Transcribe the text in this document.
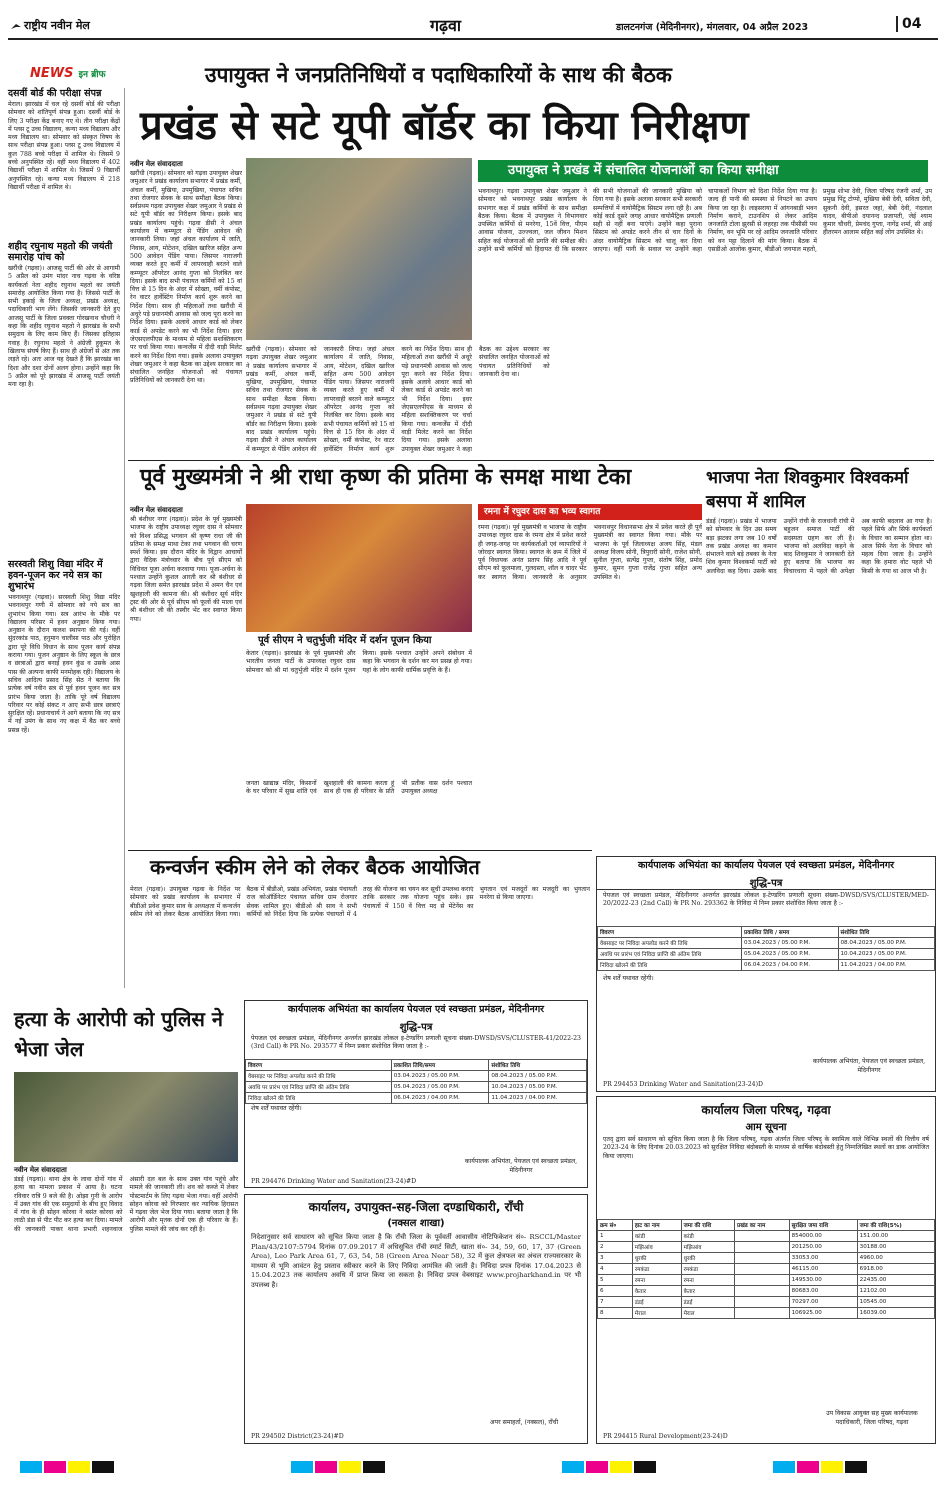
राष्ट्रीय नवीन मेल	गढ़वा	डालटनगंज (मेदिनीनगर), मंगलवार, 04 अप्रैल 2023	04
NEWS इन ब्रीफ
दसवीं बोर्ड की परीक्षा संपन्न
मेराल। झारखंड में चल रहे दसवीं बोर्ड की परीक्षा सोमवार को शांतिपूर्ण संपन्न हुआ। दसवीं बोर्ड के लिए 3 परीक्षा केंद्र बनाए गए थे। तीन परीक्षा केंद्रों में प्लस टू उच्च विद्यालय, कन्या मध्य विद्यालय और मध्य विद्यालय था। सोमवार को संस्कृत विषय के साथ परीक्षा संपन्न हुआ। प्लस टू उच्च विद्यालय में कुल 788 बच्चे परीक्षा में शामिल थे। जिसमें 9 बच्चे अनुपस्थित रहे। वहीं मध्य विद्यालय में 402 विद्यार्थी परीक्षा में शामिल थे। जिसमें 9 विद्यार्थी अनुपस्थित रहे। कन्या मध्य विद्यालय में 218 विद्यार्थी परीक्षा में शामिल थे।
शहीद रघुनाथ महतो की जयंती समारोह पांच को
खरौंधी (गढ़वा)। आजसू पार्टी की ओर से आगामी 5 अप्रैल को उमंग मांदर नाच गढ़वा के वरिष्ठ कार्यकर्ता नेता शहीद रघुनाथ महतो का जयंती समारोह आयोजित किया गया है। जिससे पार्टी के सभी इकाई के जिला अध्यक्ष, प्रखंड अध्यक्ष, पदाधिकारी भाग लेंगे। जिसकी जानकारी देते हुए आजसू पार्टी के जिला प्रवक्ता गोरखनाथ चौधरी ने कहा कि शहीद रघुनाथ महतो ने झारखंड के सभी समुदाय के लिए काम किए हैं। जिसका इतिहास गवाह है। रघुनाथ महतो ने अंग्रेजी हुकूमत के खिलाफ संघर्ष किए हैं। साथ ही अंग्रेजों से अंत तक लड़ते रहे। अतः आज यह देखते हैं कि झारखंड का दिशा और दशा दोनों अलग होगा। उन्होंने कहा कि 5 अप्रैल को पूरे झारखंड में आजसू पार्टी जयंती मना रहा है।
सरस्वती शिशु विद्या मंदिर में हवन-पूजन कर नये सत्र का शुभारंभ
भवनाथपुर (गढ़वा)। सरस्वती शिशु विद्या मंदिर भवनाथपुर गणी में सोमवार को नये सत्र का शुभारंभ किया गया। सत्र आरंभ के मौके पर विद्यालय परिसर में हवन अनुष्ठान किया गया। अनुष्ठान के दौरान कलश स्थापना की गई। वहीं सुंदरकांड पाठ, हनुमान चालीसा पाठ और पुरोहित द्वारा पूरे विधि विधान के साथ पूजन कार्य संपन्न कराया गया। पूजन अनुष्ठान के लिए स्कूल के छात्र व छात्राओं द्वारा बनाई हवन कुंड व उसके आस पास की अल्पना काफी मनमोहक रही। विद्यालय के सचिव आदित्य प्रसाद सिंह सेठ ने बताया कि प्रत्येक वर्ष नवीन सत्र से पूर्व हवन पूजन कर सत्र प्रारंभ किया जाता है। ताकि पूरे वर्ष विद्यालय परिवार पर कोई संकट न आए सभी छात्र छात्राएं सुरक्षित रहें। प्रधानाचार्य ने आगे बताया कि नए सत्र में नई उमंग के साथ नए कक्ष में बैठ कर बच्चे प्रसन्न रहें।
उपायुक्त ने जनप्रतिनिधियों व पदाधिकारियों के साथ की बैठक
प्रखंड से सटे यूपी बॉर्डर का किया निरीक्षण
उपायुक्त ने प्रखंड में संचालित योजनाओं का किया समीक्षा
नवीन मेल संवाददाता
खरौंधी (गढ़वा)। सोमवार को गढ़वा उपायुक्त शेखर जमुआर ने प्रखंड कार्यालय सभागार में प्रखंड कर्मी, अंचल कर्मी, मुखिया, उपमुखिया, पंचायत सचिव तथा रोजगार सेवक के साथ समीक्षा बैठक किया। सर्वप्रथम गढ़वा उपायुक्त शेखर जमुआर ने प्रखंड से सटे यूपी बॉर्डर का निरीक्षण किया। इसके बाद प्रखंड कार्यालय पहुंचे। गढ़वा डीसी ने अंचल कार्यालय में कम्प्यूटर से पेंडिंग आवेदन की जानकारी लिया। जहां अंचल कार्यालय में जाति, निवास, आय, मोटेशन, दखिल खारिज सहित अन्य 500 आवेदन पेंडिंग पाया। जिसपर नाराजगी व्यक्त करते हुए कर्मी में लापरवाही बरतने वाले कम्प्यूटर ऑपरेटर आनंद गुप्ता को निलंबित कर दिया। इसके बाद सभी पंचायत कर्मियों को 15 वां वित्त से 15 दिन के अंदर में सोख्ता, वर्मी कंपोस्ट, रेन वाटर हार्वेस्टिंग निर्माण कार्य शुरू करने का निर्देश दिया। साथ ही महिलाओं तथा खरौंधी में अधूरे पड़े प्रधानमंत्री आवास को जल्द पूरा करने का निर्देश दिया। इसके अलावे आधार कार्ड को लेकर कार्ड से अपडेट करने का भी निर्देश दिया। इधर जेएसएलपीएस के माध्यम से महिला सशक्तिकरण पर चर्चा किया गया। कन्वर्जेंस में दीदी वाड़ी मिलेट करने का निर्देश दिया गया। इसके अलावा उपायुक्त शेखर जमुआर ने कहा बैठक का उद्देश्य सरकार का संचालित जनहित योजनाओं को पंचायत प्रतिनिधियों को जानकारी देना था।
खरौंधी (गढ़वा)। सोमवार को गढ़वा उपायुक्त शेखर जमुआर ने प्रखंड कार्यालय सभागार में प्रखंड कर्मी, अंचल कर्मी, मुखिया, उपमुखिया, पंचायत सचिव तथा रोजगार सेवक के साथ समीक्षा बैठक किया। सर्वप्रथम गढ़वा उपायुक्त शेखर जमुआर ने प्रखंड से सटे यूपी बॉर्डर का निरीक्षण किया। इसके बाद प्रखंड कार्यालय पहुंचे। गढ़वा डीसी ने अंचल कार्यालय में कम्प्यूटर से पेंडिंग आवेदन की जानकारी लिया। जहां अंचल कार्यालय में जाति, निवास, आय, मोटेशन, दखिल खारिज सहित अन्य 500 आवेदन पेंडिंग पाया। जिसपर नाराजगी व्यक्त करते हुए कर्मी में लापरवाही बरतने वाले कम्प्यूटर ऑपरेटर आनंद गुप्ता को निलंबित कर दिया। इसके बाद सभी पंचायत कर्मियों को 15 वां वित्त से 15 दिन के अंदर में सोख्ता, वर्मी कंपोस्ट, रेन वाटर हार्वेस्टिंग निर्माण कार्य शुरू करने का निर्देश दिया। साथ ही महिलाओं तथा खरौंधी में अधूरे पड़े प्रधानमंत्री आवास को जल्द पूरा करने का निर्देश दिया। इसके अलावे आधार कार्ड को लेकर कार्ड से अपडेट करने का भी निर्देश दिया। इधर जेएसएलपीएस के माध्यम से महिला सशक्तिकरण पर चर्चा किया गया। कन्वर्जेंस में दीदी वाड़ी मिलेट करने का निर्देश दिया गया। इसके अलावा उपायुक्त शेखर जमुआर ने कहा बैठक का उद्देश्य सरकार का संचालित जनहित योजनाओं को पंचायत प्रतिनिधियों को जानकारी देना था।
भवनाथपुर। गढ़वा उपायुक्त शेखर जमुआर ने सोमवार को भवनाथपुर प्रखंड कार्यालय के सभागार कक्ष में प्रखंड कर्मियों के साथ समीक्षा बैठक किया। बैठक में उपायुक्त ने विभागवार उपस्थित कर्मियों से मनरेगा, 15वें वित्त, पीएम आवास योजना, उज्ज्वला, जल जीवन मिशन सहित कई योजनाओं की प्रगति की समीक्षा की। उन्होंने सभी कर्मियों को हिदायत दी कि सरकार की सभी योजनाओं की जानकारी मुखिया को दिया गया है। इसके अलावा सरकार सभी सरकारी सम्पत्तियों में वायोमैट्रिक सिस्टम लगा रही है। अब कोई कार्ड दूसरे जगह आधार वायोमैट्रिक प्रणाली सही से नहीं बना पाएंगे। उन्होंने कहा पुराना सिस्टम को अपडेट करने तीन से चार दिनों के अंदर वायोमैट्रिक सिस्टम को चालू कर दिया जाएगा। वहीं पानी के सवाल पर उन्होंने कहा चापाकलों विभाग को दिशा निर्देश दिया गया है। जल्द ही पानी की समस्या से निपटने का उपाय किया जा रहा है। लाइसराया में आंगनबाड़ी भवन निर्माण कराने, टाउनशिप से लेकर आदिम जनजाति टोला झुरसी से लहरहा तक पीसीसी पथ निर्माण, वन भूमि पर रहे आदिम जनजाति परिवार को वन पट्टा दिलाने की मांग किया। बैठक में एसडीओ आलोक कुमार, बीडीओ जयपाल महतो, प्रमुख शोभा देवी, जिला परिषद रंजनी शर्मा, उप प्रमुख पिंटू टोप्पो, मुखिया बेबी देवी, सविता देवी, सुकनी देवी, इसरत जहां, बेबी देवी, नंदलाल यादव, बीपीओ दयानन्द प्रजापती, जेई श्याम कुमार चौधरी, प्रेमचंद गुप्ता, नागेंद्र शर्मा, सी आई हीतरमन आलाम सहित कई लोग उपस्थित थे।
पूर्व मुख्यमंत्री ने श्री राधा कृष्ण की प्रतिमा के समक्ष माथा टेका
नवीन मेल संवाददाता
श्री बंशीधर नगर (गढ़वा)। प्रदेश के पूर्व मुख्यमंत्री भाजपा के राष्ट्रीय उपाध्यक्ष रघुवर दास ने सोमवार को विश्व प्रसिद्ध भगवान श्री कृष्ण राधा जी की प्रतिमा के समक्ष माथा टेका तथा भगवान की चरण स्पर्श किया। इस दौरान मंदिर के विद्वान आचार्यों द्वारा वैदिक मंत्रोच्चार के बीच पूर्व सीएम को विधिवत पूजा अर्चना करवाया गया। पूजा-अर्चना के पश्चात उन्होंने कुशल आरती कर श्री बंशीधर से गढ़वा जिला समेत झारखंड प्रदेश में अमन चैन एवं खुशहाली की कामना की। श्री बंशीधर सूर्य मंदिर ट्रस्ट की ओर से पूर्व सीएम को फूलों की माला एवं श्री बंशीधर जी की तस्वीर भेंट कर स्वागत किया गया।
पूर्व सीएम ने चतुर्भुजी मंदिर में दर्शन पूजन किया
केतार (गढ़वा)। झारखंड के पूर्व मुख्यमंत्री और भारतीय जनता पार्टी के उपाध्यक्ष रघुवर दास सोमवार को श्री मां चतुर्भुजी मंदिर में दर्शन पूजन किया। इसके पश्चात उन्होंने अपने संबोधन में कहा कि भगवान के दर्शन कर मन प्रसन्न हो गया। यहां के लोग काफी धार्मिक प्रवृत्ति के हैं।
जनता खाद्यान्न मंदिर, किसानों के घर परिवार में सुख शांति एवं खुशहाली की कामना करता हूं साथ ही एक ही परिवार के प्रति भी प्रतीक वास दर्शन पश्चात उपायुक्त अध्यक्ष
रमना में रघुवर दास का भव्य स्वागत
रमना (गढ़वा)। पूर्व मुख्यमंत्री व भाजपा के राष्ट्रीय उपाध्यक्ष रघुवर दास के रमना क्षेत्र में प्रवेश करते ही जगह-जगह पर कार्यकर्ताओं एवं व्यापारियों ने जोरदार स्वागत किया। स्वागत के क्रम में जिले में पूर्व विधायक अनंत प्रताप सिंह आदि ने पूर्व सीएम को फूलमाला, गुलदस्ता, शॉल व चादर भेंट कर स्वागत किया। जानकारी के अनुसार भवनाथपुर विधानसभा क्षेत्र में प्रवेश करते ही पूर्व मुख्यमंत्री का स्वागत किया गया। मौके पर भाजपा के पूर्व जिलाध्यक्ष अजय सिंह, मंडल अध्यक्ष विजय सोनी, त्रिपुरारी सोनी, राजेश सोनी, सुनील गुप्ता, सत्येंद्र गुप्ता, संतोष सिंह, प्रमोद कुमार, सुमन गुप्ता राजेंद्र गुप्ता सहित अन्य उपस्थित थे।
भाजपा नेता शिवकुमार विश्वकर्मा बसपा में शामिल
डंडई (गढ़वा)। प्रखंड में भाजपा को सोमवार के दिन उस समय बड़ा झटका लगा जब 10 वर्षों तक प्रखंड अध्यक्ष का कमान संभालने वाले बड़े तबका के नेता शिव कुमार विश्वकर्मा पार्टी को अलविदा कह दिया। उसके बाद उन्होंने रांची के राजधानी रांची में बहुजन समाज पार्टी की सदस्यता ग्रहण कर ली है। भाजपा को अलविदा कहने के बाद शिवकुमार ने जानकारी देते हुए बताया कि भाजपा का विचारधारा में पहले की अपेक्षा अब काफी बदलाव आ गया है। पहले सिर्फ और सिर्फ कार्यकर्ता के विचार का सम्मान होता था। आज सिर्फ नेता के विचार को महत्व दिया जाता है। उन्होंने कहा कि हमारा वोट पहले भी किसी के गया था आज भी है।
कन्वर्जन स्कीम लेने को लेकर बैठक आयोजित
मेराल (गढ़वा)। उपायुक्त गढ़वा के निर्देश पर सोमवार को प्रखंड कार्यालय के सभागार में बीडीओ प्रवेश कुमार साव के अध्यक्षता में कन्वर्जन स्कीम लेने को लेकर बैठक आयोजित किया गया। बैठक में बीडीओ, प्रखंड अभियंता, प्रखंड पंचायती राज कोऑर्डिनेटर पंचायत सचिव ग्राम रोजगार सेवक शामिल हुए। बीडीओ श्री साव ने सभी कर्मियों को निर्देश दिया कि प्रत्येक पंचायतों में 4 तरह की योजना का चयन कर सूची उपलब्ध कराएं ताकि सरकार तक योजना पहुंच सके। इस पंचायतों में 150 वें वित्त मद से मेंटेनेंस का भुगतान एवं मजदूरों का मजदूरी का भुगतान मनरेगा से किया जाएगा।
हत्या के आरोपी को पुलिस ने भेजा जेल
नवीन मेल संवाददाता
डंडई (गढ़वा)। थाना क्षेत्र के लावा दोनों गांव में हत्या का मामला प्रकाश में आया है। घटना रविवार रात्रि 9 बजे की है। ओझा गुनी के आरोप में उक्त गांव की एक समुदायों के बीच हुए विवाद में गांव के ही सोहन कोरवा ने बसंत कोरवा को लाठी डंडा से पीट पीट कर हत्या कर दिया। मामले की जानकारी पाकर थाना प्रभारी शहनवाज अंसारी दल बल के साथ उक्त गांव पहुंचे और मामले की जानकारी ली। शव को कब्जे में लेकर पोस्टमार्टम के लिए गढ़वा भेजा गया। वहीं आरोपी सोहन कोरवा को गिरफ्तार कर न्यायिक हिरासत में गढ़वा जेल भेज दिया गया। बताया जाता है कि आरोपी और मृतक दोनों एक ही परिवार के हैं। पुलिस मामले की जांच कर रही है।
कार्यपालक अभियंता का कार्यालय पेयजल एवं स्वच्छता प्रमंडल, मेदिनीनगर
शुद्धि-पत्र
पेयजल एवं स्वच्छता प्रमंडल, मेदिनीनगर अन्तर्गत झारखंड लोकल इ-टेण्डरिंग प्रणाली सूचना संख्या-DWSD/SVS/CLUSTER/MED-20/2022-23 (2nd Call) के PR No. 293362 के निविदा में निम्न प्रकार संशोधित किया जाता है :-
विवरण	प्रकाशित तिथि / समय	संशोधित तिथि
वेबसाइट पर निविदा अपलोड करने की तिथि	03.04.2023 / 05.00 P.M.	08.04.2023 / 05.00 P.M.
अवधि पर प्रारंभ एवं निविदा प्राप्ति की अंतिम तिथि	05.04.2023 / 05.00 P.M.	10.04.2023 / 05.00 P.M.
निविदा खोलने की तिथि	06.04.2023 / 04.00 P.M.	11.04.2023 / 04.00 P.M.
शेष शर्तें यथावत रहेंगी।
कार्यपालक अभियंता, पेयजल एवं स्वच्छता प्रमंडल, मेदिनीनगर
PR 294453 Drinking Water and Sanitation(23-24)D
कार्यपालक अभियंता का कार्यालय पेयजल एवं स्वच्छता प्रमंडल, मेदिनीनगर
शुद्धि-पत्र
पेयजल एवं स्वच्छता प्रमंडल, मेदिनीनगर अन्तर्गत झारखंड लोकल इ-टेण्डरिंग प्रणाली सूचना संख्या-DWSD/SVS/CLUSTER-41/2022-23 (3rd Call) के PR No. 293577 में निम्न प्रकार संशोधित किया जाता है :-
विवरण	प्रकाशित तिथि/समय	संशोधित तिथि
वेबसाइट पर निविदा अपलोड करने की तिथि	03.04.2023 / 05.00 P.M.	08.04.2023 / 05.00 P.M.
अवधि पर प्रारंभ एवं निविदा प्राप्ति की अंतिम तिथि	05.04.2023 / 05.00 P.M.	10.04.2023 / 05.00 P.M.
निविदा खोलने की तिथि	06.04.2023 / 04.00 P.M.	11.04.2023 / 04.00 P.M.
शेष शर्तें यथावत रहेंगी।
कार्यपालक अभियंता, पेयजल एवं स्वच्छता प्रमंडल, मेदिनीनगर
PR 294476 Drinking Water and Sanitation(23-24)#D
कार्यालय, उपायुक्त-सह-जिला दण्डाधिकारी, राँची
(नक्सल शाखा)
निदेशानुसार सर्व साधारण को सूचित किया जाता है कि राँची जिला के पूर्ववर्ती आवासीय नोटिफिकेशन सं०- RSCCL/Master Plan/43/2107:5794 दिनांक 07.09.2017 में अधिसूचित राँची स्मार्ट सिटी, खाता सं०- 34, 59, 60, 17, 37 (Green Area), Leo Park Area 61, 7, 63, 54, 58 (Green Area Near 58), 32 में कुल क्षेत्रफल का अंचल राज्यसरकार के माध्यम से भूमि आवंटन हेतु प्रस्ताव स्वीकार करने के लिए निविदा आमंत्रित की जाती है। निविदा प्रपत्र दिनांक 17.04.2023 से 15.04.2023 तक कार्यालय अवधि में प्राप्त किया जा सकता है। निविदा प्रपत्र वेबसाइट www.projharkhand.in पर भी उपलब्ध है।
अपर समाहर्ता, (नक्सल), राँची
PR 294502 District(23-24)#D
कार्यालय जिला परिषद्, गढ़वा
आम सूचना
एतद् द्वारा सर्व साधारण को सूचित किया जाता है कि जिला परिषद्, गढ़वा अंतर्गत जिला परिषद् के स्वामित्व वाले विभिन्न स्थलों की वित्तीय वर्ष 2023-24 के लिए दिनांक 20.03.2023 को सुरक्षित निविदा बंदोबस्ती के माध्यम से वार्षिक बंदोबस्ती हेतु निम्नलिखित स्थलों का डाक आयोजित किया जाएगा।
क्रम सं०	हाट का नाम	जमा की राशि	प्रखंड का नाम	सुरक्षित जमा राशि	जमा की राशि(5%)
1	कांडी	कांडी		854000.00	151.00.00
2	मझिआंव	मझिआंव		201250.00	30188.00
3	धुरकी	धुरकी		33053.00	4960.00
4	रमकंडा	रमकंडा		46115.00	6918.00
5	रमना	रमना		149530.00	22435.00
6	केतार	केतार		80683.00	12102.00
7	डंडई	डंडई		70297.00	10545.00
8	मेराल	मेराल		106925.00	16039.00
उप विकास आयुक्त सह मुख्य कार्यपालक पदाधिकारी, जिला परिषद, गढ़वा
PR 294415 Rural Development(23-24)D
